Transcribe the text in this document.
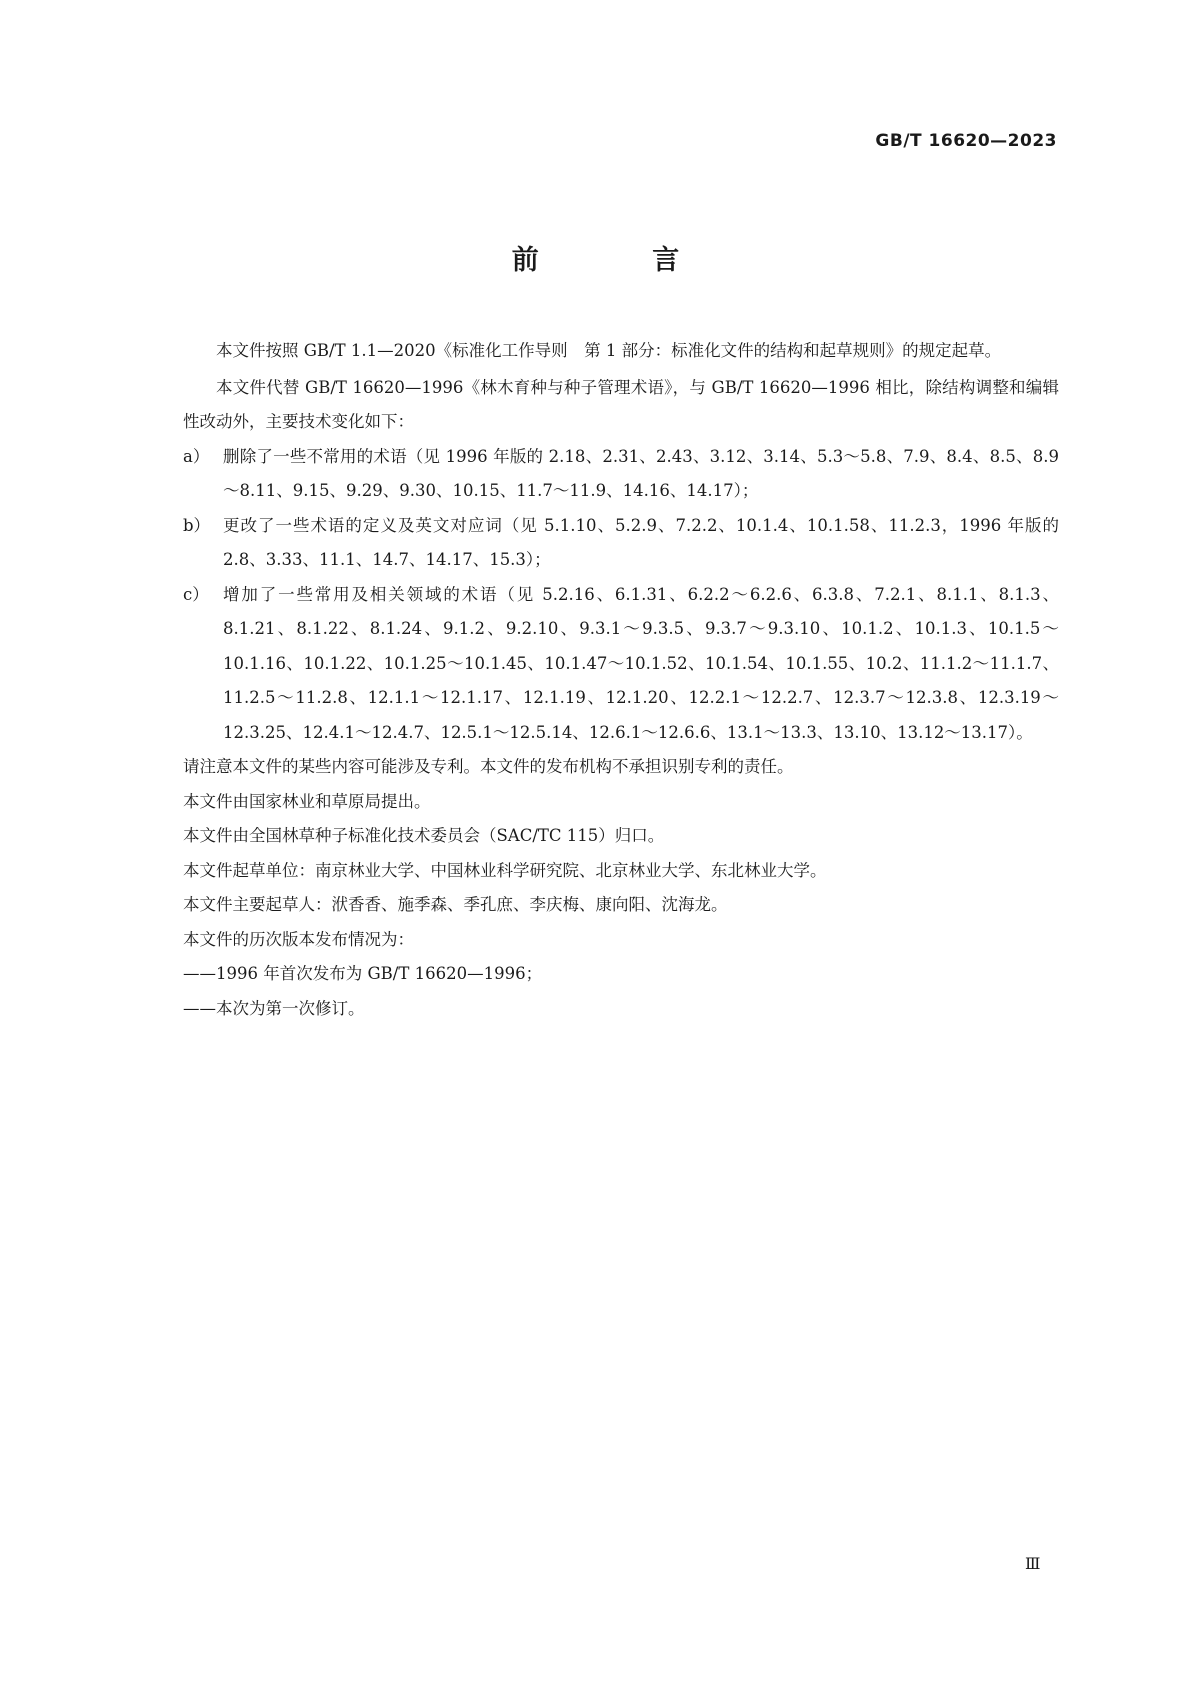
GB/T 16620—2023
前 言

本文件按照 GB/T 1.1—2020《标准化工作导则　第 1 部分：标准化文件的结构和起草规则》的规定起草。

本文件代替 GB/T 16620—1996《林木育种与种子管理术语》，与 GB/T 16620—1996 相比，除结构调整和编辑性改动外，主要技术变化如下：

a） 删除了一些不常用的术语（见 1996 年版的 2.18、2.31、2.43、3.12、3.14、5.3～5.8、7.9、8.4、8.5、8.9～8.11、9.15、9.29、9.30、10.15、11.7～11.9、14.16、14.17）；
b） 更改了一些术语的定义及英文对应词（见 5.1.10、5.2.9、7.2.2、10.1.4、10.1.58、11.2.3，1996 年版的 2.8、3.33、11.1、14.7、14.17、15.3）；
c） 增加了一些常用及相关领域的术语（见 5.2.16、6.1.31、6.2.2～6.2.6、6.3.8、7.2.1、8.1.1、8.1.3、8.1.21、8.1.22、8.1.24、9.1.2、9.2.10、9.3.1～9.3.5、9.3.7～9.3.10、10.1.2、10.1.3、10.1.5～10.1.16、10.1.22、10.1.25～10.1.45、10.1.47～10.1.52、10.1.54、10.1.55、10.2、11.1.2～11.1.7、11.2.5～11.2.8、12.1.1～12.1.17、12.1.19、12.1.20、12.2.1～12.2.7、12.3.7～12.3.8、12.3.19～12.3.25、12.4.1～12.4.7、12.5.1～12.5.14、12.6.1～12.6.6、13.1～13.3、13.10、13.12～13.17）。

请注意本文件的某些内容可能涉及专利。本文件的发布机构不承担识别专利的责任。

本文件由国家林业和草原局提出。

本文件由全国林草种子标准化技术委员会（SAC/TC 115）归口。

本文件起草单位：南京林业大学、中国林业科学研究院、北京林业大学、东北林业大学。

本文件主要起草人：洑香香、施季森、季孔庶、李庆梅、康向阳、沈海龙。

本文件的历次版本发布情况为：

——1996 年首次发布为 GB/T 16620—1996；

——本次为第一次修订。

Ⅲ
